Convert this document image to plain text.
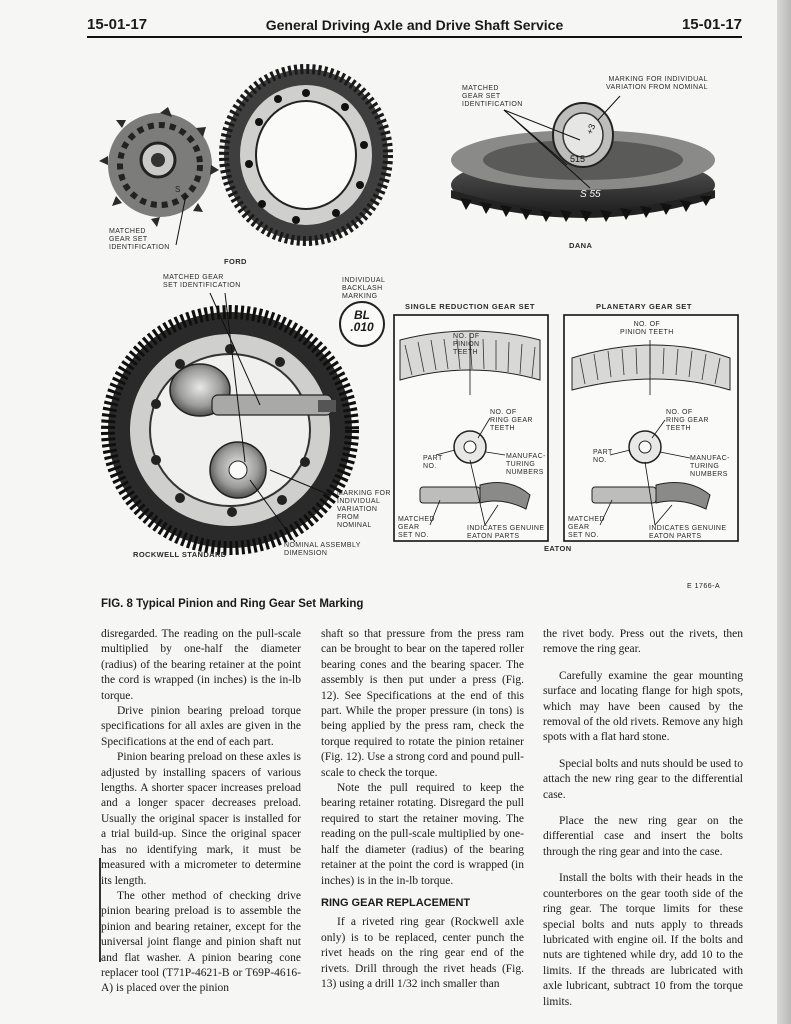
15-01-17	General Driving Axle and Drive Shaft Service	15-01-17
S
515
+3
S 55
MATCHED
GEAR SET
IDENTIFICATION
FORD
MATCHED
GEAR SET
IDENTIFICATION
MARKING FOR INDIVIDUAL
VARIATION FROM NOMINAL
DANA
MATCHED GEAR
SET IDENTIFICATION
INDIVIDUAL
BACKLASH
MARKING
BL
.010
MARKING FOR
INDIVIDUAL
VARIATION
FROM
NOMINAL
NOMINAL ASSEMBLY
DIMENSION
ROCKWELL STANDARD
SINGLE REDUCTION GEAR SET	PLANETARY GEAR SET
NO. OF
PINION
TEETH
NO. OF
RING GEAR
TEETH
PART
NO.
MANUFAC-
TURING
NUMBERS
MATCHED
GEAR
SET NO.
INDICATES GENUINE
EATON PARTS
NO. OF
PINION TEETH
NO. OF
RING GEAR
TEETH
PART
NO.	MANUFAC-
TURING
NUMBERS
MATCHED
GEAR
SET NO.
INDICATES GENUINE
EATON PARTS
EATON
E 1766-A
FIG. 8 Typical Pinion and Ring Gear Set Marking

disregarded. The reading on the pull-scale multiplied by one-half the diameter (radius) of the bearing retainer at the point the cord is wrapped (in inches) is the in-lb torque.

Drive pinion bearing preload torque specifications for all axles are given in the Specifications at the end of each part.

Pinion bearing preload on these axles is adjusted by installing spacers of various lengths. A shorter spacer increases preload and a longer spacer decreases preload. Usually the original spacer is installed for a trial build-up. Since the original spacer has no identifying mark, it must be measured with a micrometer to determine its length.

The other method of checking drive pinion bearing preload is to assemble the pinion and bearing retainer, except for the universal joint flange and pinion shaft nut and flat washer. A pinion bearing cone replacer tool (T71P-4621-B or T69P-4616-A) is placed over the pinion

shaft so that pressure from the press ram can be brought to bear on the tapered roller bearing cones and the bearing spacer. The assembly is then put under a press (Fig. 12). See Specifications at the end of this part. While the proper pressure (in tons) is being applied by the press ram, check the torque required to rotate the pinion retainer (Fig. 12). Use a strong cord and pound pull-scale to check the torque.

Note the pull required to keep the bearing retainer rotating. Disregard the pull required to start the retainer moving. The reading on the pull-scale multiplied by one-half the diameter (radius) of the bearing retainer at the point the cord is wrapped (in inches) is in the in-lb torque.

RING GEAR REPLACEMENT

If a riveted ring gear (Rockwell axle only) is to be replaced, center punch the rivet heads on the ring gear end of the rivets. Drill through the rivet heads (Fig. 13) using a drill 1/32 inch smaller than

the rivet body. Press out the rivets, then remove the ring gear.

Carefully examine the gear mounting surface and locating flange for high spots, which may have been caused by the removal of the old rivets. Remove any high spots with a flat hard stone.

Special bolts and nuts should be used to attach the new ring gear to the differential case.

Place the new ring gear on the differential case and insert the bolts through the ring gear and into the case.

Install the bolts with their heads in the counterbores on the gear tooth side of the ring gear. The torque limits for these special bolts and nuts apply to threads lubricated with engine oil. If the bolts and nuts are tightened while dry, add 10 to the limits. If the threads are lubricated with axle lubricant, subtract 10 from the torque limits.
